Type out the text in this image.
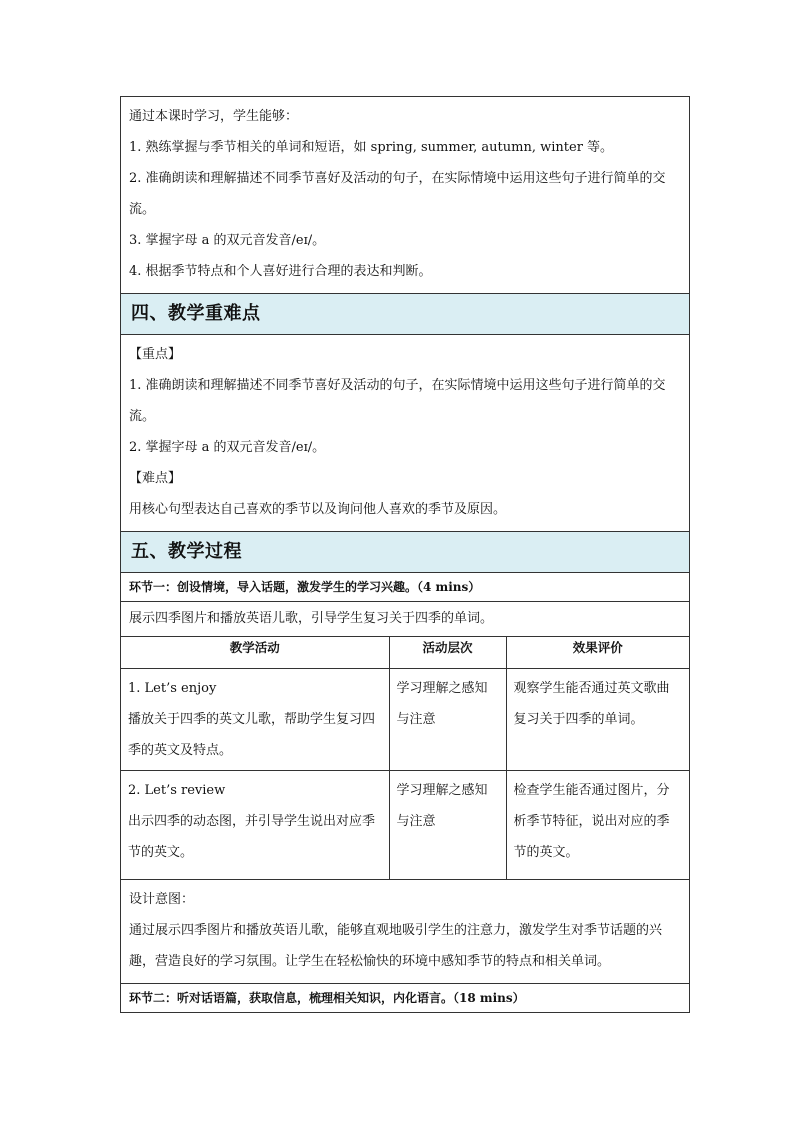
通过本课时学习，学生能够：

1. 熟练掌握与季节相关的单词和短语，如 spring, summer, autumn, winter 等。

2. 准确朗读和理解描述不同季节喜好及活动的句子，在实际情境中运用这些句子进行简单的交流。

3. 掌握字母 a 的双元音发音/eɪ/。

4. 根据季节特点和个人喜好进行合理的表达和判断。

四、教学重难点

【重点】

1. 准确朗读和理解描述不同季节喜好及活动的句子，在实际情境中运用这些句子进行简单的交流。

2. 掌握字母 a 的双元音发音/eɪ/。

【难点】

用核心句型表达自己喜欢的季节以及询问他人喜欢的季节及原因。

五、教学过程
环节一：创设情境，导入话题，激发学生的学习兴趣。（4 mins）
展示四季图片和播放英语儿歌，引导学生复习关于四季的单词。
教学活动	活动层次	效果评价

1. Let’s enjoy

播放关于四季的英文儿歌，帮助学生复习四季的英文及特点。	学习理解之感知与注意	观察学生能否通过英文歌曲复习关于四季的单词。

2. Let’s review

出示四季的动态图，并引导学生说出对应季节的英文。	学习理解之感知与注意	检查学生能否通过图片，分析季节特征，说出对应的季节的英文。

设计意图：

通过展示四季图片和播放英语儿歌，能够直观地吸引学生的注意力，激发学生对季节话题的兴趣，营造良好的学习氛围。让学生在轻松愉快的环境中感知季节的特点和相关单词。

环节二：听对话语篇，获取信息，梳理相关知识，内化语言。（18 mins）
